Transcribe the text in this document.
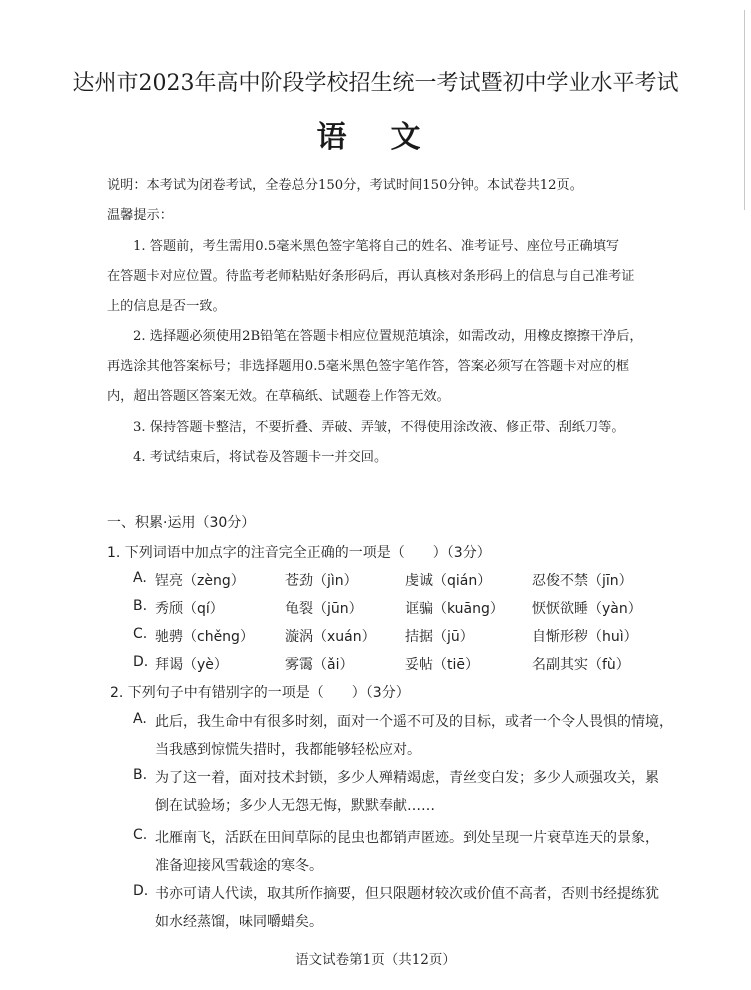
达州市2023年高中阶段学校招生统一考试暨初中学业水平考试
语文
说明：本考试为闭卷考试，全卷总分150分，考试时间150分钟。本试卷共12页。
温馨提示：
1. 答题前，考生需用0.5毫米黑色签字笔将自己的姓名、准考证号、座位号正确填写
在答题卡对应位置。待监考老师粘贴好条形码后，再认真核对条形码上的信息与自己准考证
上的信息是否一致。
2. 选择题必须使用2B铅笔在答题卡相应位置规范填涂，如需改动，用橡皮擦擦干净后，
再选涂其他答案标号；非选择题用0.5毫米黑色签字笔作答，答案必须写在答题卡对应的框
内，超出答题区答案无效。在草稿纸、试题卷上作答无效。
3. 保持答题卡整洁，不要折叠、弄破、弄皱，不得使用涂改液、修正带、刮纸刀等。
4. 考试结束后，将试卷及答题卡一并交回。
一、积累·运用（30分）
1. 下列词语中加点字的注音完全正确的一项是（　　）（3分）
A. 锃亮（zèng）	苍劲（jìn）	虔诚（qián）	忍俊不禁（jīn）
B. 秀颀（qí）	龟裂（jūn）	诓骗（kuāng） 恹恹欲睡（yàn）
C. 驰骋（chěng） 漩涡（xuán） 拮据（jū）	自惭形秽（huì）
D. 拜谒（yè）	雾霭（ǎi）	妥帖（tiē）	名副其实（fù）
2. 下列句子中有错别字的一项是（　　）（3分）
A. 此后，我生命中有很多时刻，面对一个遥不可及的目标，或者一个令人畏惧的情境，
当我感到惊慌失措时，我都能够轻松应对。
B. 为了这一着，面对技术封锁，多少人殚精竭虑，青丝变白发；多少人顽强攻关，累
倒在试验场；多少人无怨无悔，默默奉献……
C. 北雁南飞，活跃在田间草际的昆虫也都销声匿迹。到处呈现一片衰草连天的景象，
准备迎接风雪载途的寒冬。
D. 书亦可请人代读，取其所作摘要，但只限题材较次或价值不高者，否则书经提练犹
如水经蒸馏，味同嚼蜡矣。
语文试卷第1页（共12页）
